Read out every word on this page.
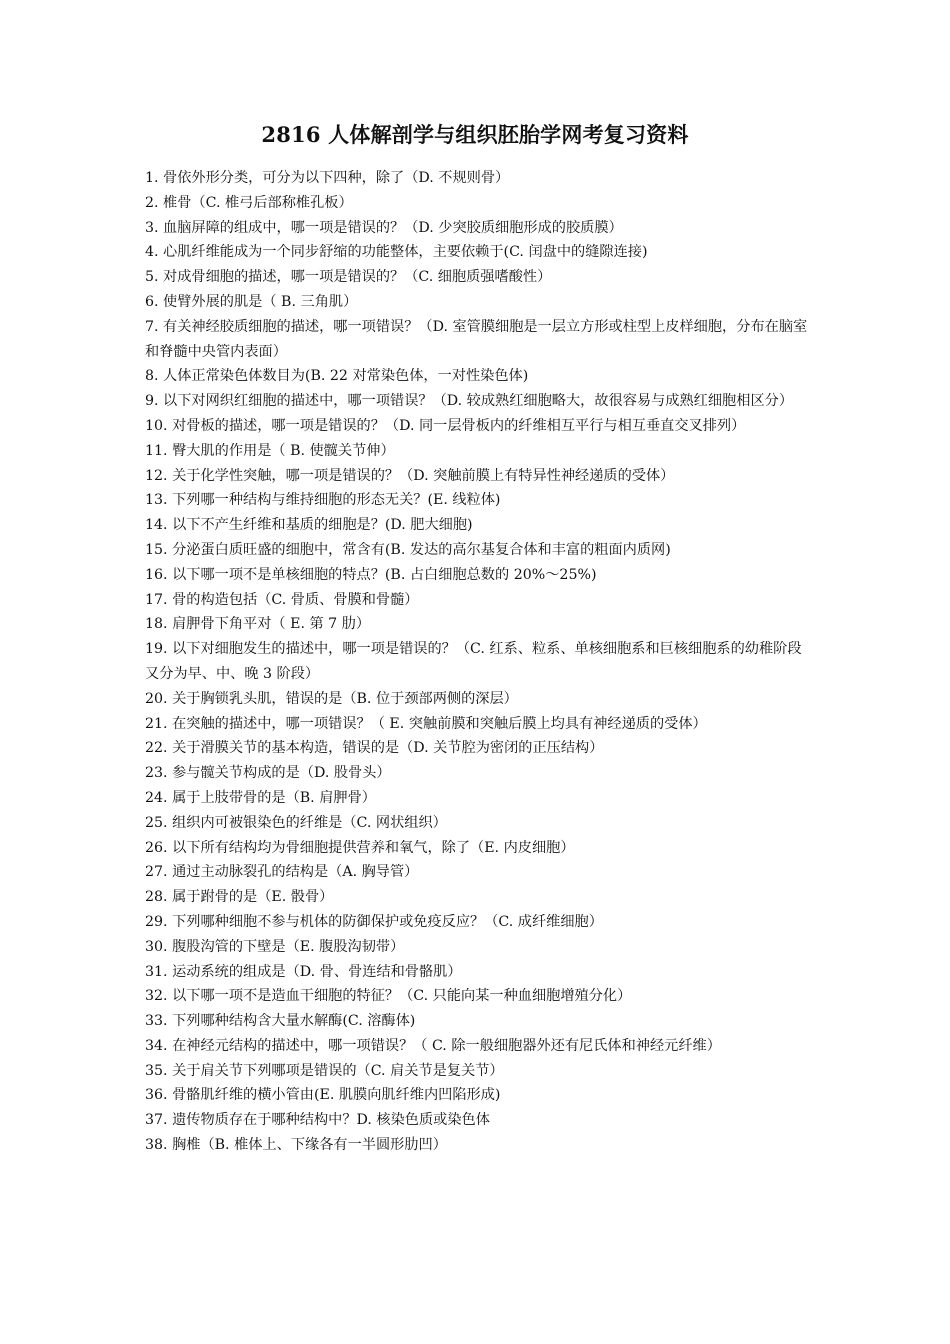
2816 人体解剖学与组织胚胎学网考复习资料

1. 骨依外形分类，可分为以下四种，除了（D. 不规则骨）

2. 椎骨（C. 椎弓后部称椎孔板）

3. 血脑屏障的组成中，哪一项是错误的？（D. 少突胶质细胞形成的胶质膜）

4. 心肌纤维能成为一个同步舒缩的功能整体，主要依赖于(C. 闰盘中的缝隙连接)

5. 对成骨细胞的描述，哪一项是错误的？（C. 细胞质强嗜酸性）

6. 使臂外展的肌是（ B. 三角肌）

7. 有关神经胶质细胞的描述，哪一项错误？（D. 室管膜细胞是一层立方形或柱型上皮样细胞，分布在脑室和脊髓中央管内表面）

8. 人体正常染色体数目为(B. 22 对常染色体，一对性染色体)

9. 以下对网织红细胞的描述中，哪一项错误？（D. 较成熟红细胞略大，故很容易与成熟红细胞相区分）

10. 对骨板的描述，哪一项是错误的？（D. 同一层骨板内的纤维相互平行与相互垂直交叉排列）

11. 臀大肌的作用是（ B. 使髋关节伸）

12. 关于化学性突触，哪一项是错误的？（D. 突触前膜上有特异性神经递质的受体）

13. 下列哪一种结构与维持细胞的形态无关？(E. 线粒体)

14. 以下不产生纤维和基质的细胞是？(D. 肥大细胞)

15. 分泌蛋白质旺盛的细胞中，常含有(B. 发达的高尔基复合体和丰富的粗面内质网)

16. 以下哪一项不是单核细胞的特点？(B. 占白细胞总数的 20%～25%)

17. 骨的构造包括（C. 骨质、骨膜和骨髓）

18. 肩胛骨下角平对（ E. 第 7 肋）

19. 以下对细胞发生的描述中，哪一项是错误的？（C. 红系、粒系、单核细胞系和巨核细胞系的幼稚阶段又分为早、中、晚 3 阶段）

20. 关于胸锁乳头肌，错误的是（B. 位于颈部两侧的深层）

21. 在突触的描述中，哪一项错误？（ E. 突触前膜和突触后膜上均具有神经递质的受体）

22. 关于滑膜关节的基本构造，错误的是（D. 关节腔为密闭的正压结构）

23. 参与髋关节构成的是（D. 股骨头）

24. 属于上肢带骨的是（B. 肩胛骨）

25. 组织内可被银染色的纤维是（C. 网状组织）

26. 以下所有结构均为骨细胞提供营养和氧气，除了（E. 内皮细胞）

27. 通过主动脉裂孔的结构是（A. 胸导管）

28. 属于跗骨的是（E. 骰骨）

29. 下列哪种细胞不参与机体的防御保护或免疫反应？（C. 成纤维细胞）

30. 腹股沟管的下壁是（E. 腹股沟韧带）

31. 运动系统的组成是（D. 骨、骨连结和骨骼肌）

32. 以下哪一项不是造血干细胞的特征？（C. 只能向某一种血细胞增殖分化）

33. 下列哪种结构含大量水解酶(C. 溶酶体)

34. 在神经元结构的描述中，哪一项错误？（ C. 除一般细胞器外还有尼氏体和神经元纤维）

35. 关于肩关节下列哪项是错误的（C. 肩关节是复关节）

36. 骨骼肌纤维的横小管由(E. 肌膜向肌纤维内凹陷形成)

37. 遗传物质存在于哪种结构中？D. 核染色质或染色体

38. 胸椎（B. 椎体上、下缘各有一半圆形肋凹）
